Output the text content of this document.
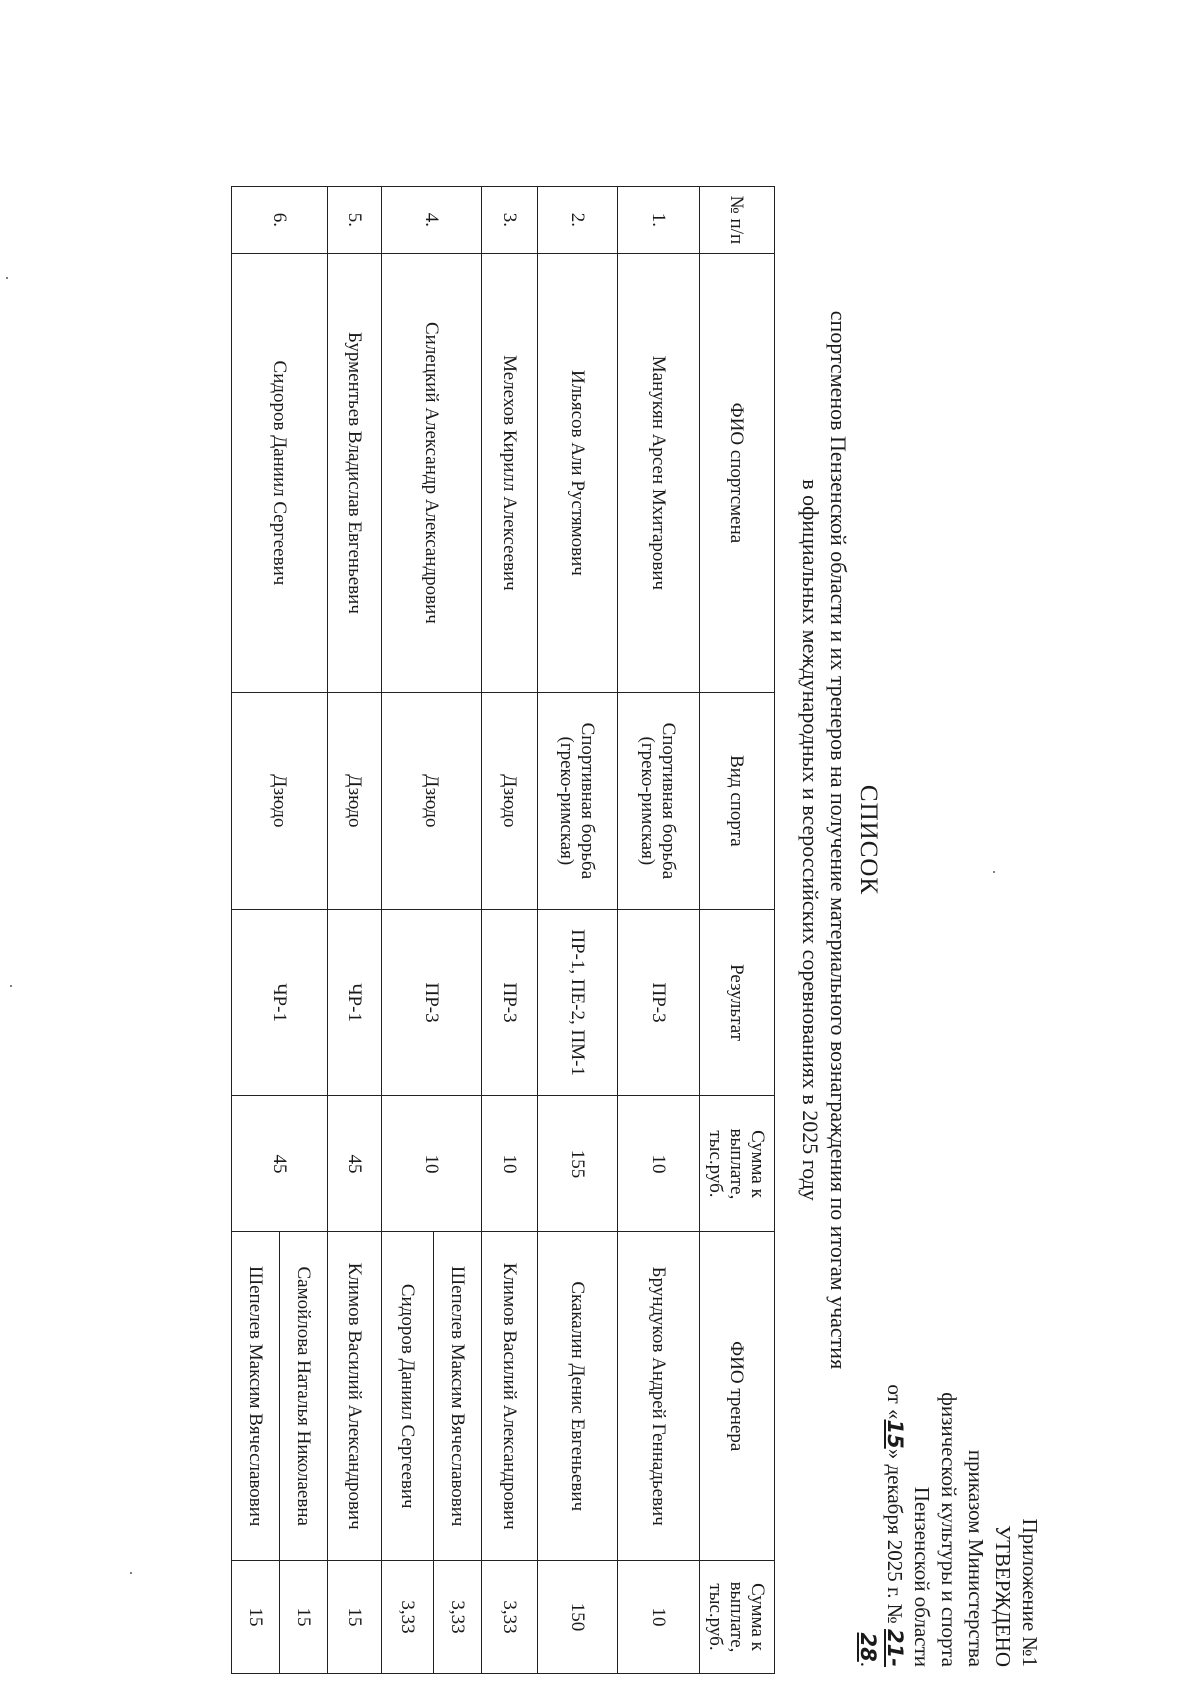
Приложение №1
УТВЕРЖДЕНО
приказом Министерства
физической культуры и спорта
Пензенской области
от «15» декабря 2025 г. № 21-28.
СПИСОК
спортсменов Пензенской области и их тренеров на получение материального вознаграждения по итогам участия
в официальных международных и всероссийских соревнованиях в 2025 году
№ п/п	ФИО спортсмена	Вид спорта	Результат	Сумма к выплате, тыс.руб.	ФИО тренера	Сумма к выплате, тыс.руб.
1.	Манукян Арсен Мхитарович	Спортивная борьба (греко-римская)	ПР-3	10	Брундуков Андрей Геннадьевич	10
2.	Ильясов Али Рустямович	Спортивная борьба (греко-римская)	ПР-1, ПЕ-2, ПМ-1	155	Скакалин Денис Евгеньевич	150
3.	Мелехов Кирилл Алексеевич	Дзюдо	ПР-3	10	Климов Василий Александрович	3,33
4.	Силецкий Александр Александрович	Дзюдо	ПР-3	10	Шепелев Максим Вячеславович	3,33
					Сидоров Даниил Сергеевич	3,33
5.	Бурментьев Владислав Евгеньевич	Дзюдо	ЧР-1	45	Климов Василий Александрович	15
6.	Сидоров Даниил Сергеевич	Дзюдо	ЧР-1	45	Самойлова Наталья Николаевна	15
					Шепелев Максим Вячеславович	15
